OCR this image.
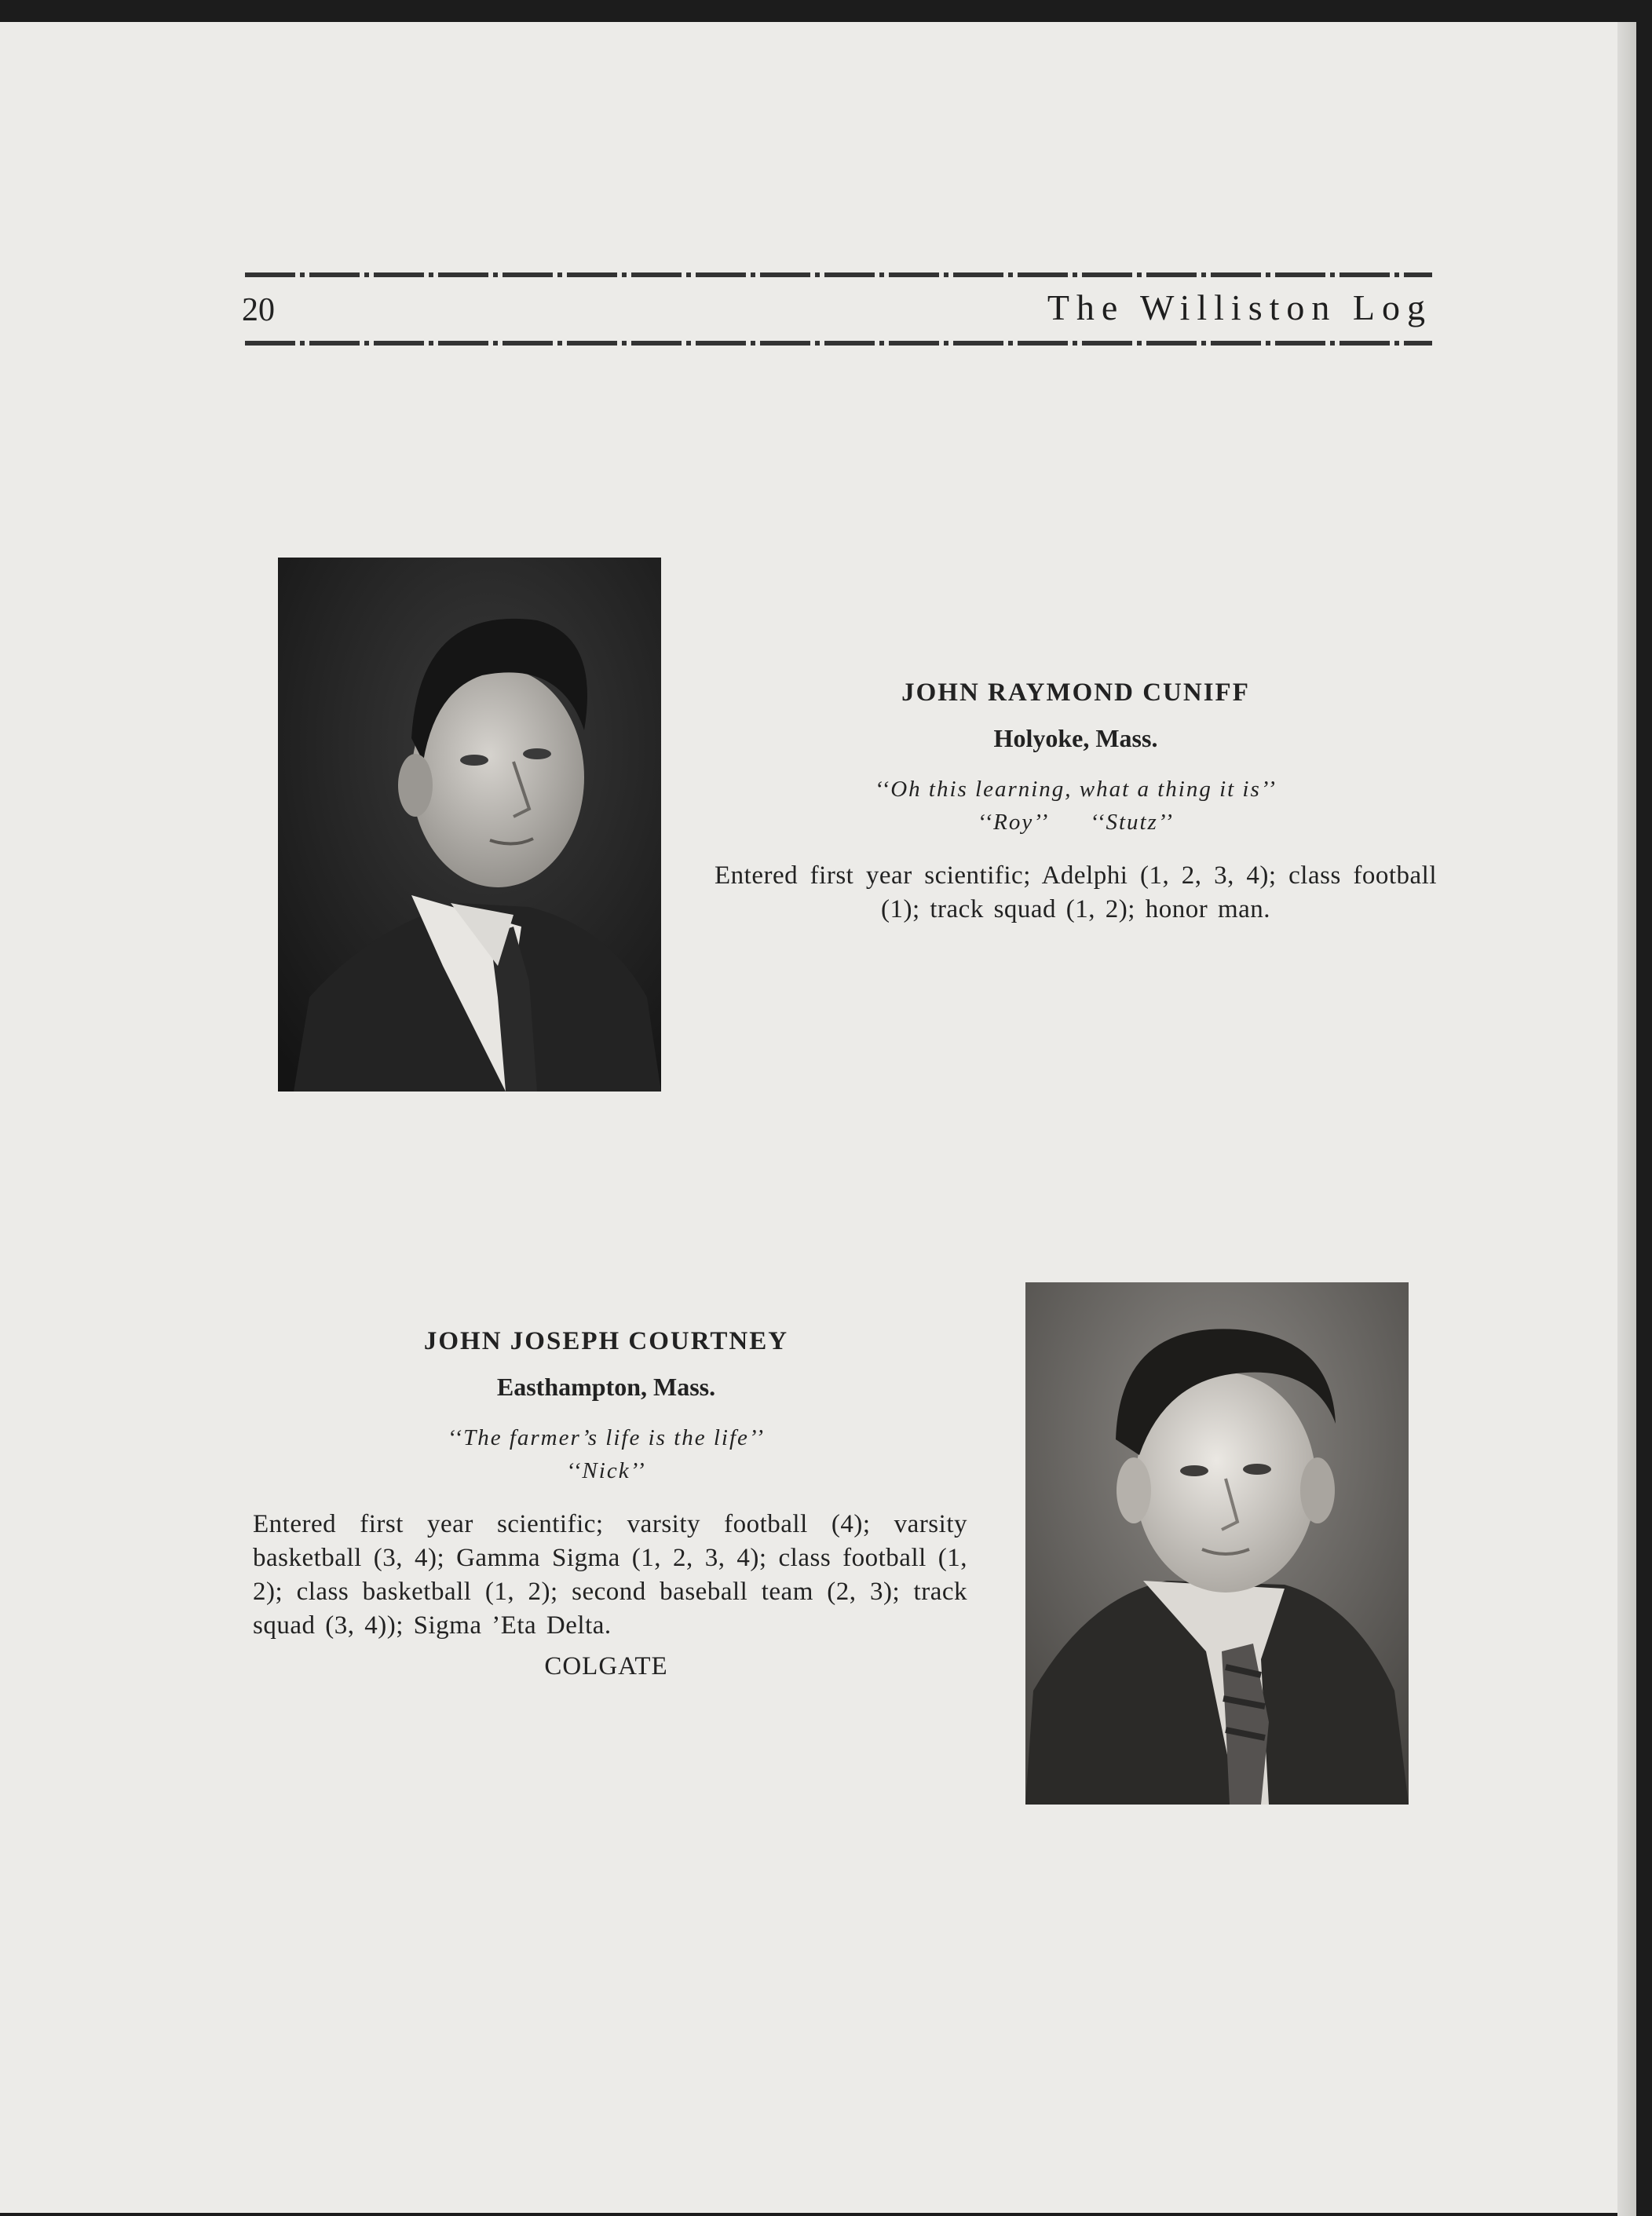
20	The Williston Log

JOHN RAYMOND CUNIFF

Holyoke, Mass.

‘‘Oh this learning, what a thing it is’’

‘‘Roy’’ ‘‘Stutz’’

Entered first year scientific; Adelphi (1, 2, 3, 4); class football (1); track squad (1, 2); honor man.

JOHN JOSEPH COURTNEY

Easthampton, Mass.

‘‘The farmer’s life is the life’’

‘‘Nick’’

Entered first year scientific; varsity football (4); varsity basketball (3, 4); Gamma Sigma (1, 2, 3, 4); class football (1, 2); class basketball (1, 2); second baseball team (2, 3); track squad (3, 4)); Sigma ’Eta Delta.

COLGATE
